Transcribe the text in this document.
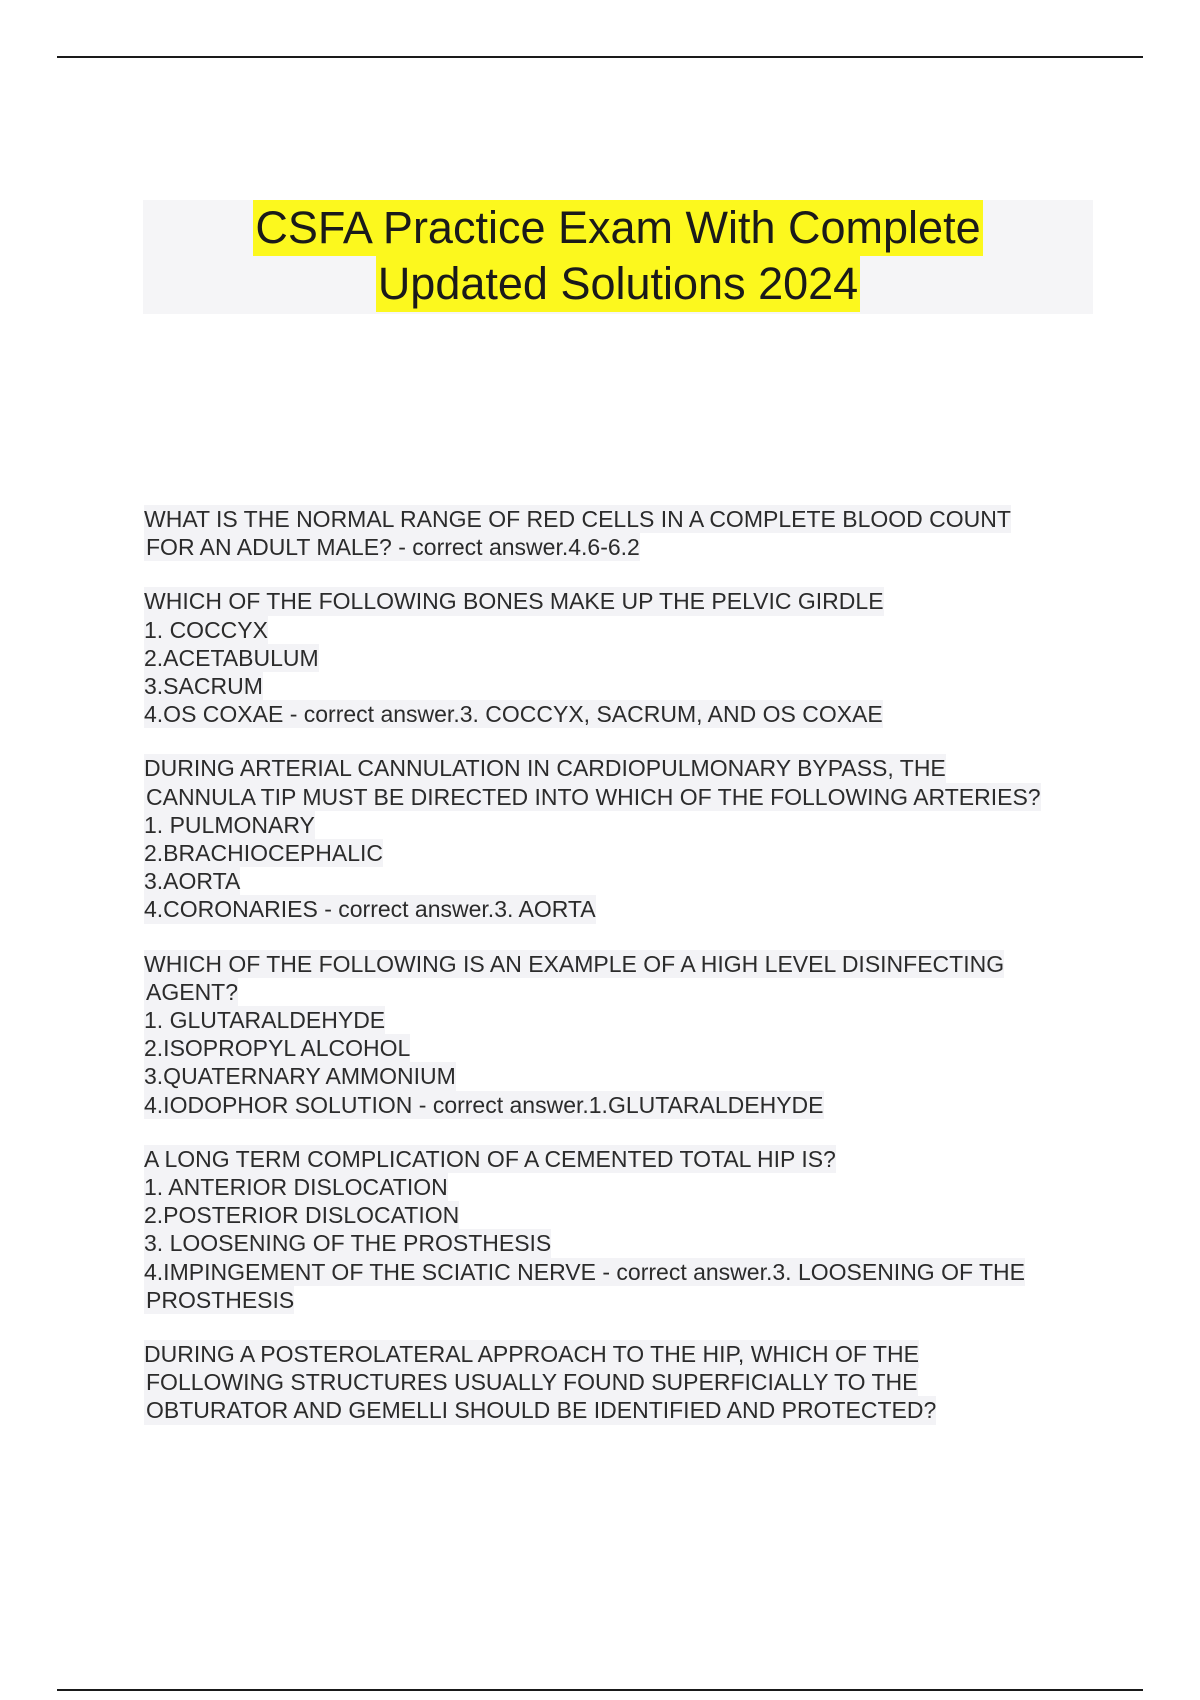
CSFA Practice Exam With Complete
Updated Solutions 2024
WHAT IS THE NORMAL RANGE OF RED CELLS IN A COMPLETE BLOOD COUNT
FOR AN ADULT MALE? - correct answer.4.6-6.2
WHICH OF THE FOLLOWING BONES MAKE UP THE PELVIC GIRDLE
1. COCCYX
2.ACETABULUM
3.SACRUM
4.OS COXAE - correct answer.3. COCCYX, SACRUM, AND OS COXAE
DURING ARTERIAL CANNULATION IN CARDIOPULMONARY BYPASS, THE
CANNULA TIP MUST BE DIRECTED INTO WHICH OF THE FOLLOWING ARTERIES?
1. PULMONARY
2.BRACHIOCEPHALIC
3.AORTA
4.CORONARIES - correct answer.3. AORTA
WHICH OF THE FOLLOWING IS AN EXAMPLE OF A HIGH LEVEL DISINFECTING
AGENT?
1. GLUTARALDEHYDE
2.ISOPROPYL ALCOHOL
3.QUATERNARY AMMONIUM
4.IODOPHOR SOLUTION - correct answer.1.GLUTARALDEHYDE
A LONG TERM COMPLICATION OF A CEMENTED TOTAL HIP IS?
1. ANTERIOR DISLOCATION
2.POSTERIOR DISLOCATION
3. LOOSENING OF THE PROSTHESIS
4.IMPINGEMENT OF THE SCIATIC NERVE - correct answer.3. LOOSENING OF THE
PROSTHESIS
DURING A POSTEROLATERAL APPROACH TO THE HIP, WHICH OF THE
FOLLOWING STRUCTURES USUALLY FOUND SUPERFICIALLY TO THE
OBTURATOR AND GEMELLI SHOULD BE IDENTIFIED AND PROTECTED?
